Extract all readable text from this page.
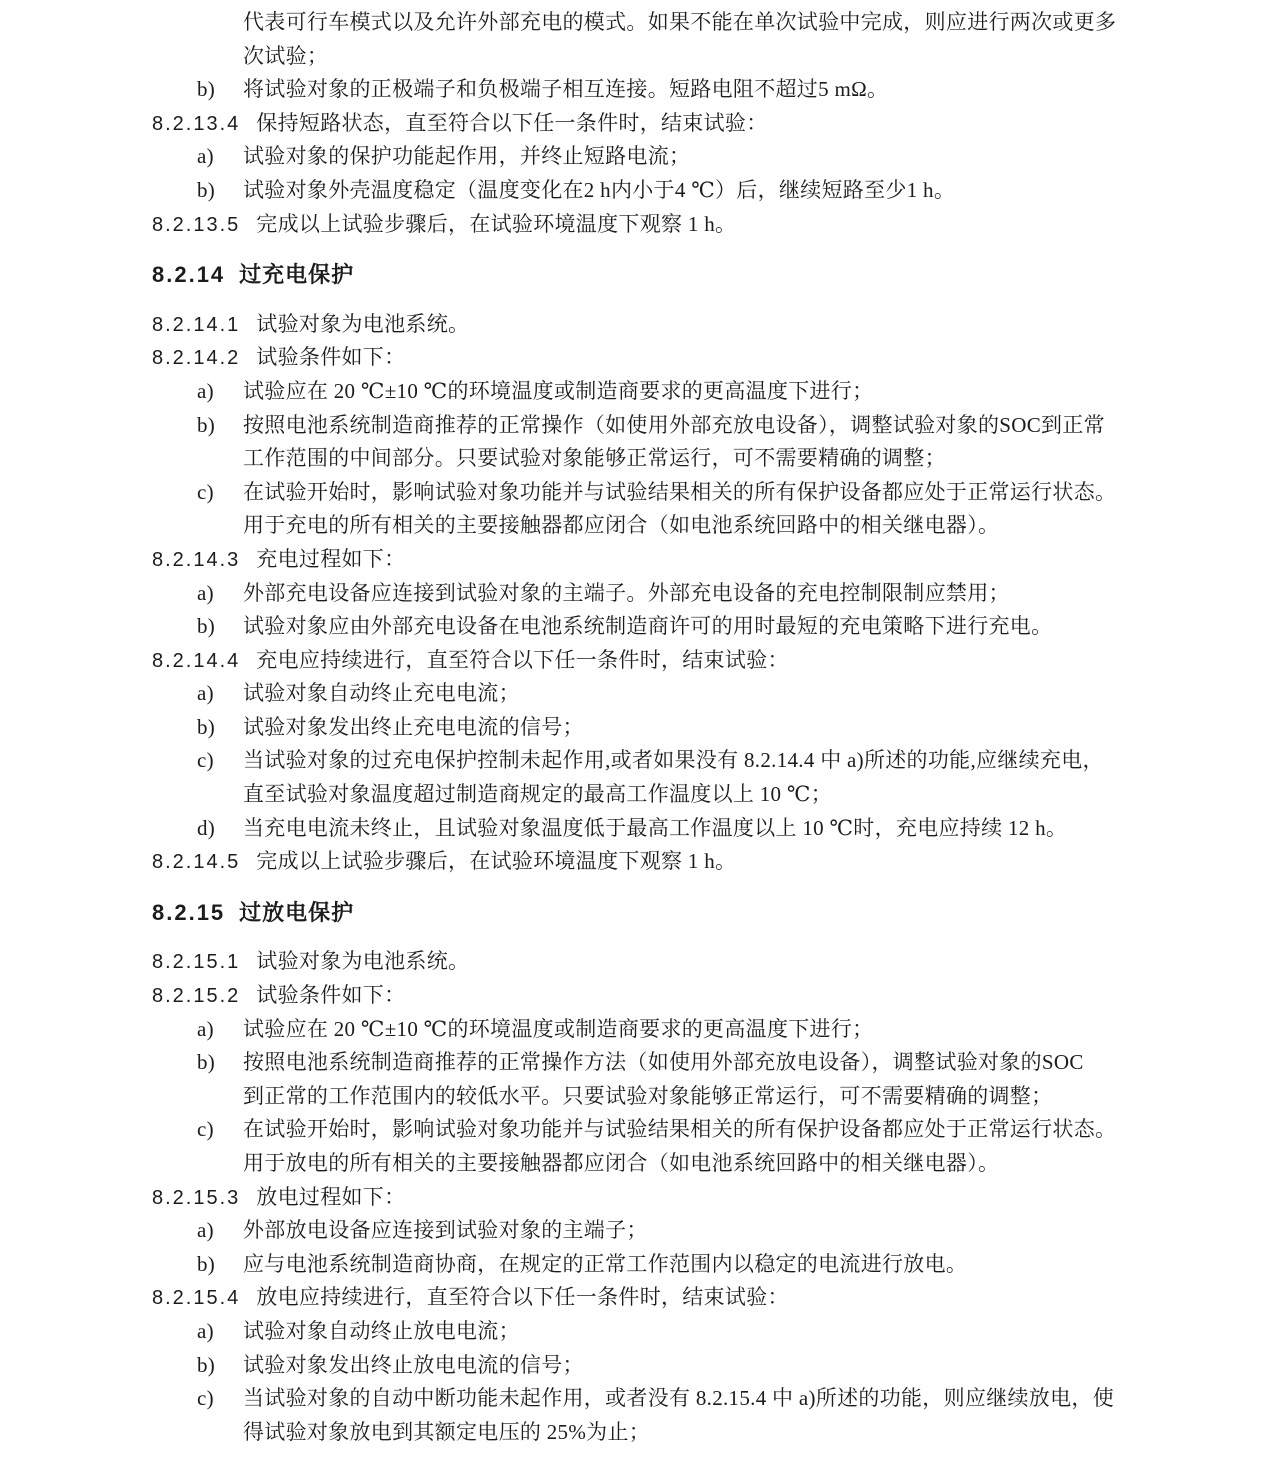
代表可行车模式以及允许外部充电的模式。如果不能在单次试验中完成，则应进行两次或更多
次试验；
b) 将试验对象的正极端子和负极端子相互连接。短路电阻不超过5 mΩ。
8.2.13.4 保持短路状态，直至符合以下任一条件时，结束试验：
a) 试验对象的保护功能起作用，并终止短路电流；
b) 试验对象外壳温度稳定（温度变化在2 h内小于4 ℃）后，继续短路至少1 h。
8.2.13.5 完成以上试验步骤后，在试验环境温度下观察 1 h。
8.2.14 过充电保护
8.2.14.1 试验对象为电池系统。
8.2.14.2 试验条件如下：
a) 试验应在 20 ℃±10 ℃的环境温度或制造商要求的更高温度下进行；
b) 按照电池系统制造商推荐的正常操作（如使用外部充放电设备），调整试验对象的SOC到正常
工作范围的中间部分。只要试验对象能够正常运行，可不需要精确的调整；
c) 在试验开始时，影响试验对象功能并与试验结果相关的所有保护设备都应处于正常运行状态。
用于充电的所有相关的主要接触器都应闭合（如电池系统回路中的相关继电器）。
8.2.14.3 充电过程如下：
a) 外部充电设备应连接到试验对象的主端子。外部充电设备的充电控制限制应禁用；
b) 试验对象应由外部充电设备在电池系统制造商许可的用时最短的充电策略下进行充电。
8.2.14.4 充电应持续进行，直至符合以下任一条件时，结束试验：
a) 试验对象自动终止充电电流；
b) 试验对象发出终止充电电流的信号；
c) 当试验对象的过充电保护控制未起作用,或者如果没有 8.2.14.4 中 a)所述的功能,应继续充电，
直至试验对象温度超过制造商规定的最高工作温度以上 10 ℃；
d) 当充电电流未终止，且试验对象温度低于最高工作温度以上 10 ℃时，充电应持续 12 h。
8.2.14.5 完成以上试验步骤后，在试验环境温度下观察 1 h。
8.2.15 过放电保护
8.2.15.1 试验对象为电池系统。
8.2.15.2 试验条件如下：
a) 试验应在 20 ℃±10 ℃的环境温度或制造商要求的更高温度下进行；
b) 按照电池系统制造商推荐的正常操作方法（如使用外部充放电设备），调整试验对象的SOC
到正常的工作范围内的较低水平。只要试验对象能够正常运行，可不需要精确的调整；
c) 在试验开始时，影响试验对象功能并与试验结果相关的所有保护设备都应处于正常运行状态。
用于放电的所有相关的主要接触器都应闭合（如电池系统回路中的相关继电器）。
8.2.15.3 放电过程如下：
a) 外部放电设备应连接到试验对象的主端子；
b) 应与电池系统制造商协商，在规定的正常工作范围内以稳定的电流进行放电。
8.2.15.4 放电应持续进行，直至符合以下任一条件时，结束试验：
a) 试验对象自动终止放电电流；
b) 试验对象发出终止放电电流的信号；
c) 当试验对象的自动中断功能未起作用，或者没有 8.2.15.4 中 a)所述的功能，则应继续放电，使
得试验对象放电到其额定电压的 25%为止；
